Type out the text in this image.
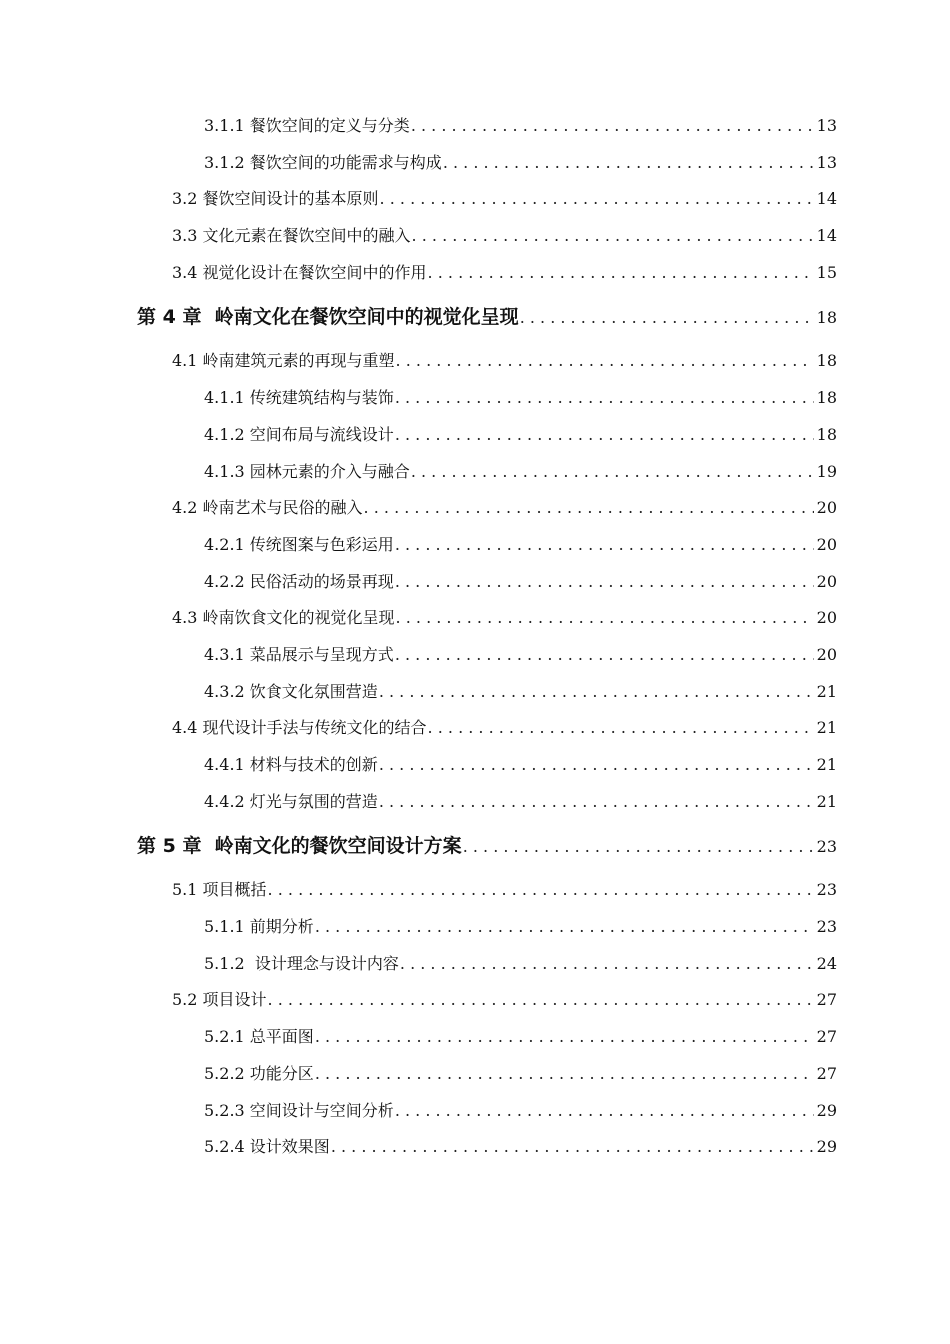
3.1.1 餐饮空间的定义与分类 . . .	13
3.1.2 餐饮空间的功能需求与构成 . . .	13
3.2 餐饮空间设计的基本原则 . . .	14
3.3 文化元素在餐饮空间中的融入 . . .	14
3.4 视觉化设计在餐饮空间中的作用 . . .	15
第 4 章  岭南文化在餐饮空间中的视觉化呈现 . . .	18
4.1 岭南建筑元素的再现与重塑 . . .	18
4.1.1 传统建筑结构与装饰 . . .	18
4.1.2 空间布局与流线设计 . . .	18
4.1.3 园林元素的介入与融合 . . .	19
4.2 岭南艺术与民俗的融入 . . .	20
4.2.1 传统图案与色彩运用 . . .	20
4.2.2 民俗活动的场景再现 . . .	20
4.3 岭南饮食文化的视觉化呈现 . . .	20
4.3.1 菜品展示与呈现方式 . . .	20
4.3.2 饮食文化氛围营造 . . .	21
4.4 现代设计手法与传统文化的结合 . . .	21
4.4.1 材料与技术的创新 . . .	21
4.4.2 灯光与氛围的营造 . . .	21
第 5 章  岭南文化的餐饮空间设计方案 . . .	23
5.1 项目概括 . . .	23
5.1.1 前期分析 . . .	23
5.1.2  设计理念与设计内容 . . .	24
5.2 项目设计 . . .	27
5.2.1 总平面图 . . .	27
5.2.2 功能分区 . . .	27
5.2.3 空间设计与空间分析 . . .	29
5.2.4 设计效果图 . . .	29
